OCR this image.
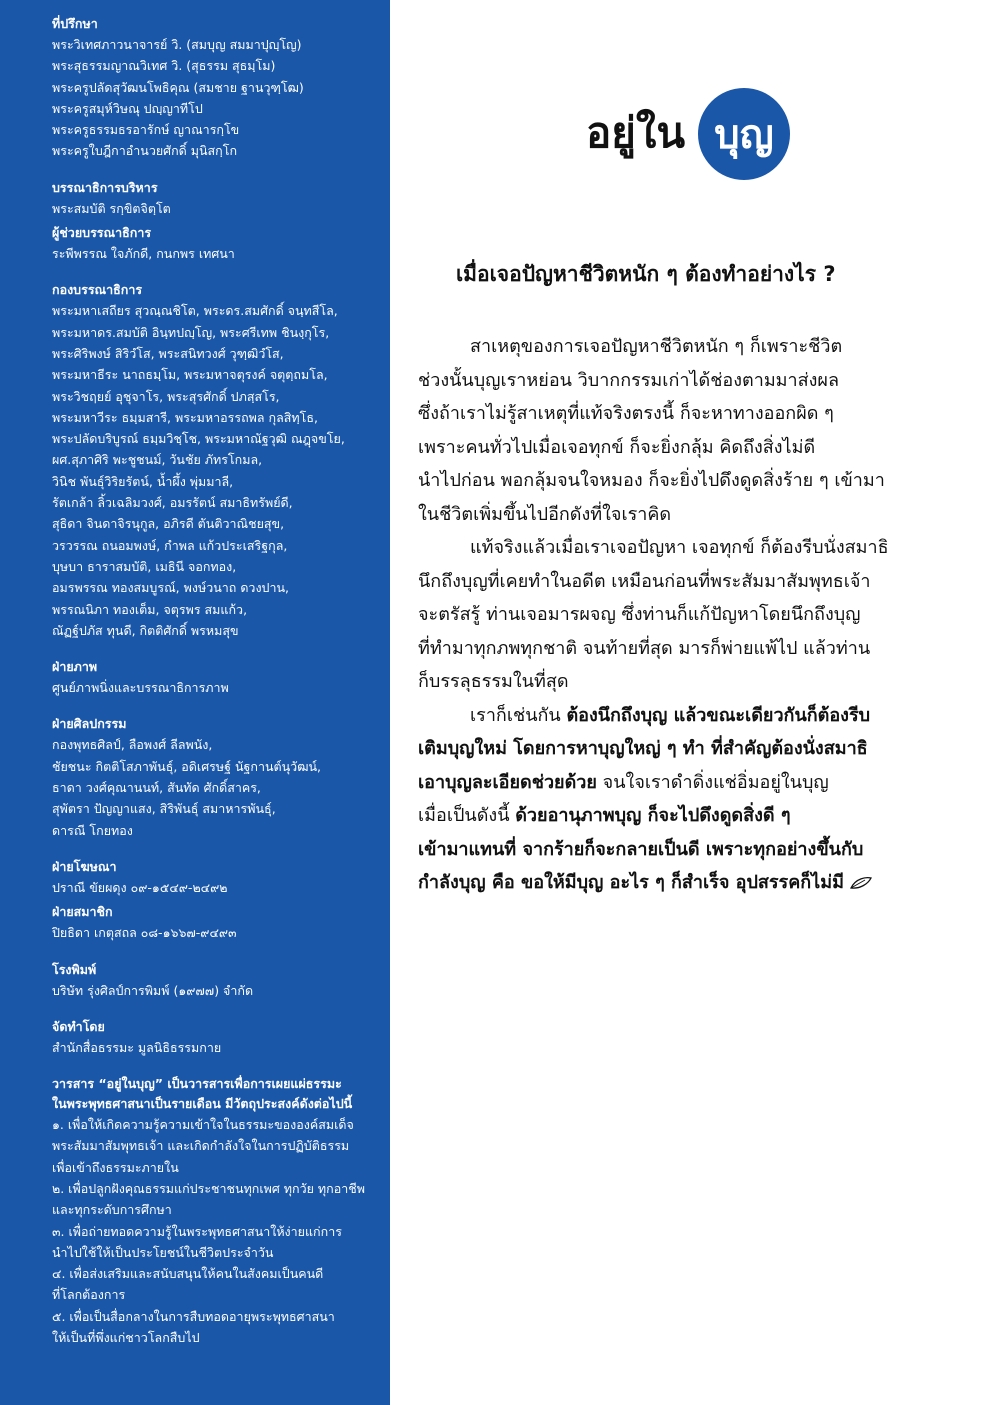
ที่ปรึกษา
พระวิเทศภาวนาจารย์ วิ. (สมบุญ สมมาปุญฺโญ)
พระสุธรรมญาณวิเทศ วิ. (สุธรรม สุธมฺโม)
พระครูปลัดสุวัฒนโพธิคุณ (สมชาย ฐานวุฑฺโฒ)
พระครูสมุห์วิษณุ ปญฺญาทีโป
พระครูธรรมธรอารักษ์ ญาณารกฺโข
พระครูใบฎีกาอำนวยศักดิ์ มุนิสกฺโก
บรรณาธิการบริหาร
พระสมบัติ รกฺขิตจิตฺโต
ผู้ช่วยบรรณาธิการ
ระพีพรรณ ใจภักดี, กนกพร เทศนา
กองบรรณาธิการ
พระมหาเสถียร สุวณฺณชิโต, พระดร.สมศักดิ์ จนฺทสีโล,
พระมหาดร.สมบัติ อินฺทปญฺโญ, พระศรีเทพ ชินงฺกุโร,
พระศิริพงษ์ สิริวํโส, พระสนิทวงศ์ วุฑฺฒิวํโส,
พระมหาธีระ นาถธมฺโม, พระมหาจตุรงค์ จตุตฺถมโล,
พระวิชฤยย์ อุชุจาโร, พระสุรศักดิ์ ปภสฺสโร,
พระมหาวีระ ธมฺมสารี, พระมหาอรรถพล กุลสิทฺโธ,
พระปลัดบริบูรณ์ ธมฺมวิชฺโช, พระมหาณัฐวุฒิ ณฎฺจขโย,
ผศ.สุภาศิริ พะชูชนม์, วันชัย ภัทรโกมล,
วินิช พันธุ์วิริยรัตน์, น้ำผึ้ง พุ่มมาลี,
รัตเกล้า ลิ้วเฉลิมวงศ์, อมรรัตน์ สมาธิทรัพย์ดี,
สุธิดา จินดาจิรนุกูล, อภิรดี ตันติวาณิชยสุข,
วรวรรณ ถนอมพงษ์, กำพล แก้วประเสริฐกุล,
บุษบา ธาราสมบัติ, เมธินี จอกทอง,
อมรพรรณ ทองสมบูรณ์, พงษ์วนาถ ดวงปาน,
พรรณนิภา ทองเต็ม, จตุรพร สมแก้ว,
ณัฏฐ์ปภัส ทุนดี, กิตติศักดิ์ พรหมสุข
ฝ่ายภาพ
ศูนย์ภาพนิ่งและบรรณาธิการภาพ
ฝ่ายศิลปกรรม
กองพุทธศิลป์, ลือพงศ์ ลีลพนัง,
ชัยชนะ กิตติโสภาพันธุ์, อดิเศรษฐ์ นัฐกานต์นุวัฒน์,
ธาดา วงศ์คุณานนท์, สันทัด ศักดิ์สาคร,
สุพัตรา ปัญญาแสง, สิริพันธุ์ สมาหารพันธุ์,
ดารณี โกยทอง
ฝ่ายโฆษณา
ปราณี ขัยผดุง ๐๙-๑๕๔๙-๒๔๙๒
ฝ่ายสมาชิก
ปิยธิดา เกตุสถล ๐๘-๑๖๖๗-๙๔๙๓
โรงพิมพ์
บริษัท รุ่งศิลป์การพิมพ์ (๑๙๗๗) จำกัด
จัดทำโดย
สำนักสื่อธรรมะ มูลนิธิธรรมกาย
วารสาร “อยู่ในบุญ” เป็นวารสารเพื่อการเผยแผ่ธรรมะ
ในพระพุทธศาสนาเป็นรายเดือน มีวัตถุประสงค์ดังต่อไปนี้
๑. เพื่อให้เกิดความรู้ความเข้าใจในธรรมะขององค์สมเด็จ
พระสัมมาสัมพุทธเจ้า และเกิดกำลังใจในการปฏิบัติธรรม
เพื่อเข้าถึงธรรมะภายใน
๒. เพื่อปลูกฝังคุณธรรมแก่ประชาชนทุกเพศ ทุกวัย ทุกอาชีพ
และทุกระดับการศึกษา
๓. เพื่อถ่ายทอดความรู้ในพระพุทธศาสนาให้ง่ายแก่การ
นำไปใช้ให้เป็นประโยชน์ในชีวิตประจำวัน
๔. เพื่อส่งเสริมและสนับสนุนให้คนในสังคมเป็นคนดี
ที่โลกต้องการ
๕. เพื่อเป็นสื่อกลางในการสืบทอดอายุพระพุทธศาสนา
ให้เป็นที่พึ่งแก่ชาวโลกสืบไป
อยู่ใน บุญ
เมื่อเจอปัญหาชีวิตหนัก ๆ ต้องทำอย่างไร ?

สาเหตุของการเจอปัญหาชีวิตหนัก ๆ ก็เพราะชีวิต
ช่วงนั้นบุญเราหย่อน วิบากกรรมเก่าได้ช่องตามมาส่งผล
ซึ่งถ้าเราไม่รู้สาเหตุที่แท้จริงตรงนี้ ก็จะหาทางออกผิด ๆ
เพราะคนทั่วไปเมื่อเจอทุกข์ ก็จะยิ่งกลุ้ม คิดถึงสิ่งไม่ดี
นำไปก่อน พอกลุ้มจนใจหมอง ก็จะยิ่งไปดึงดูดสิ่งร้าย ๆ เข้ามา
ในชีวิตเพิ่มขึ้นไปอีกดังที่ใจเราคิด

แท้จริงแล้วเมื่อเราเจอปัญหา เจอทุกข์ ก็ต้องรีบนั่งสมาธิ
นึกถึงบุญที่เคยทำในอดีต เหมือนก่อนที่พระสัมมาสัมพุทธเจ้า
จะตรัสรู้ ท่านเจอมารผจญ ซึ่งท่านก็แก้ปัญหาโดยนึกถึงบุญ
ที่ทำมาทุกภพทุกชาติ จนท้ายที่สุด มารก็พ่ายแพ้ไป แล้วท่าน
ก็บรรลุธรรมในที่สุด

เราก็เช่นกัน ต้องนึกถึงบุญ แล้วขณะเดียวกันก็ต้องรีบ
เติมบุญใหม่ โดยการหาบุญใหญ่ ๆ ทำ ที่สำคัญต้องนั่งสมาธิ
เอาบุญละเอียดช่วยด้วย จนใจเราดำดิ่งแช่อิ่มอยู่ในบุญ
เมื่อเป็นดังนี้ ด้วยอานุภาพบุญ ก็จะไปดึงดูดสิ่งดี ๆ
เข้ามาแทนที่ จากร้ายก็จะกลายเป็นดี เพราะทุกอย่างขึ้นกับ
กำลังบุญ คือ ขอให้มีบุญ อะไร ๆ ก็สำเร็จ อุปสรรคก็ไม่มี
